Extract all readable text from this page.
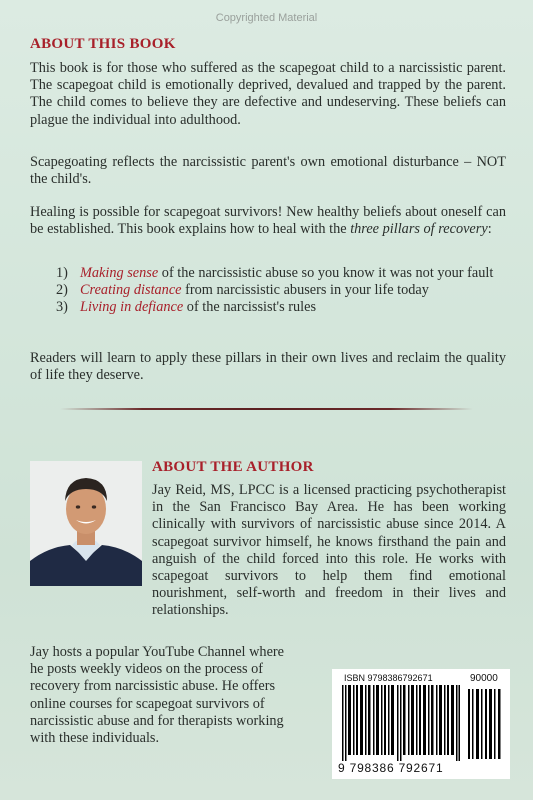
Copyrighted Material
ABOUT THIS BOOK

This book is for those who suffered as the scapegoat child to a narcissistic parent. The scapegoat child is emotionally deprived, devalued and trapped by the parent. The child comes to believe they are defective and undeserving. These beliefs can plague the individual into adulthood.

Scapegoating reflects the narcissistic parent's own emotional disturbance – NOT the child's.

Healing is possible for scapegoat survivors! New healthy beliefs about oneself can be established. This book explains how to heal with the three pillars of recovery:

1) Making sense of the narcissistic abuse so you know it was not your fault
2) Creating distance from narcissistic abusers in your life today
3) Living in defiance of the narcissist's rules

Readers will learn to apply these pillars in their own lives and reclaim the quality of life they deserve.

ABOUT THE AUTHOR

Jay Reid, MS, LPCC is a licensed practicing psychotherapist in the San Francisco Bay Area. He has been working clinically with survivors of narcissistic abuse since 2014. A scapegoat survivor himself, he knows firsthand the pain and anguish of the child forced into this role. He works with scapegoat survivors to help them find emotional nourishment, self-worth and freedom in their lives and relationships.

Jay hosts a popular YouTube Channel where he posts weekly videos on the process of recovery from narcissistic abuse. He offers online courses for scapegoat survivors of narcissistic abuse and for therapists working with these individuals.

ISBN 9798386792671	90000
9 798386 792671
